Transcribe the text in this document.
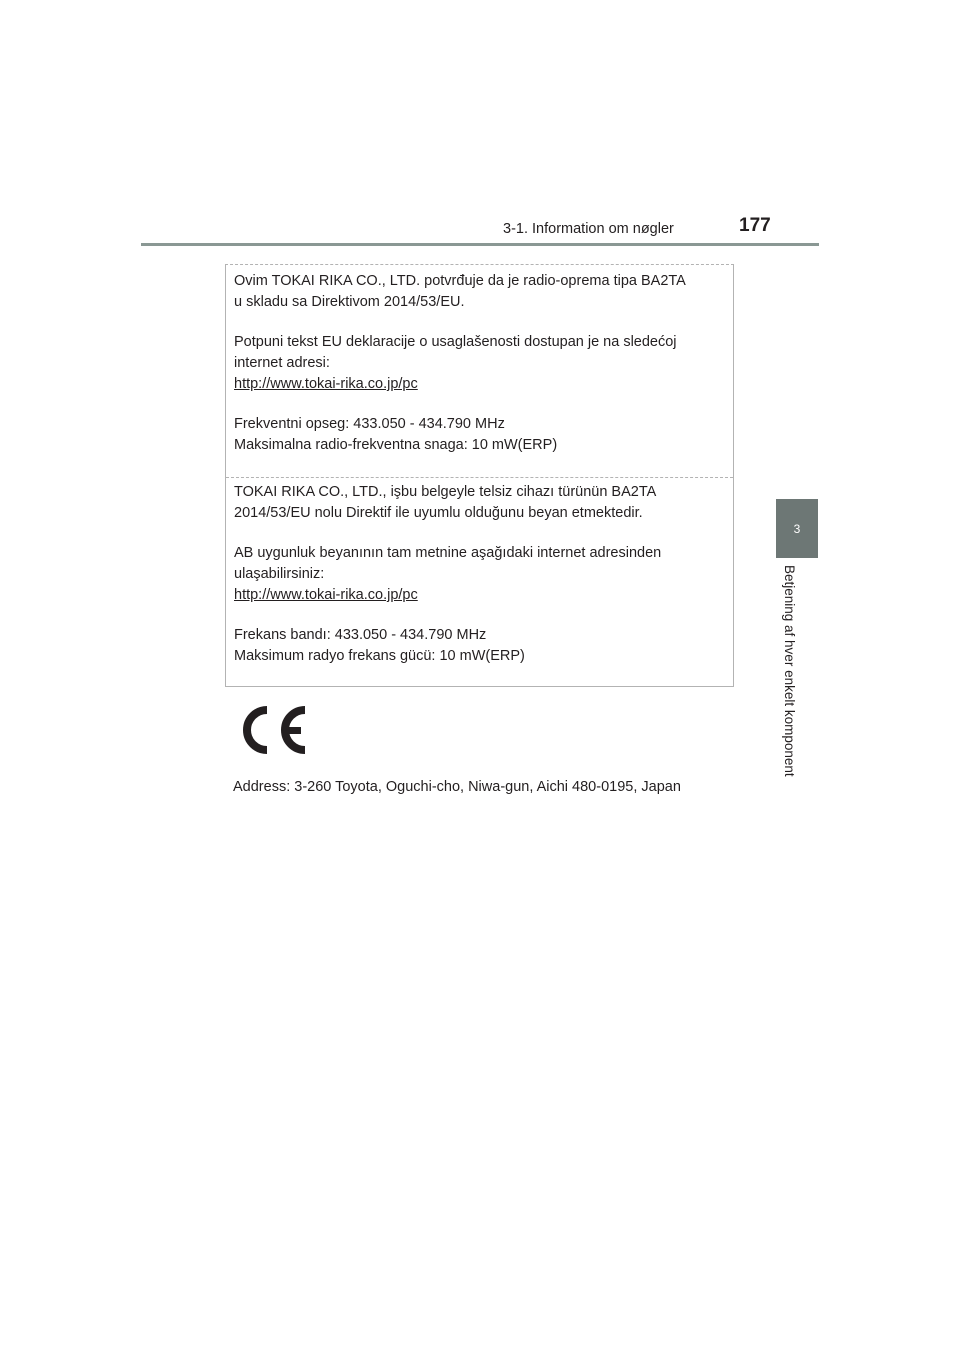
3-1. Information om nøgler	177
3
Betjening af hver enkelt komponent

Ovim TOKAI RIKA CO., LTD. potvrđuje da je radio-oprema tipa BA2TA

u skladu sa Direktivom 2014/53/EU.

Potpuni tekst EU deklaracije o usaglašenosti dostupan je na sledećoj

internet adresi:

http://www.tokai-rika.co.jp/pc

Frekventni opseg: 433.050 - 434.790 MHz

Maksimalna radio-frekventna snaga: 10 mW(ERP)

TOKAI RIKA CO., LTD., işbu belgeyle telsiz cihazı türünün BA2TA

2014/53/EU nolu Direktif ile uyumlu olduğunu beyan etmektedir.

AB uygunluk beyanının tam metnine aşağıdaki internet adresinden

ulaşabilirsiniz:

http://www.tokai-rika.co.jp/pc

Frekans bandı: 433.050 - 434.790 MHz

Maksimum radyo frekans gücü: 10 mW(ERP)

Address: 3-260 Toyota, Oguchi-cho, Niwa-gun, Aichi 480-0195, Japan
